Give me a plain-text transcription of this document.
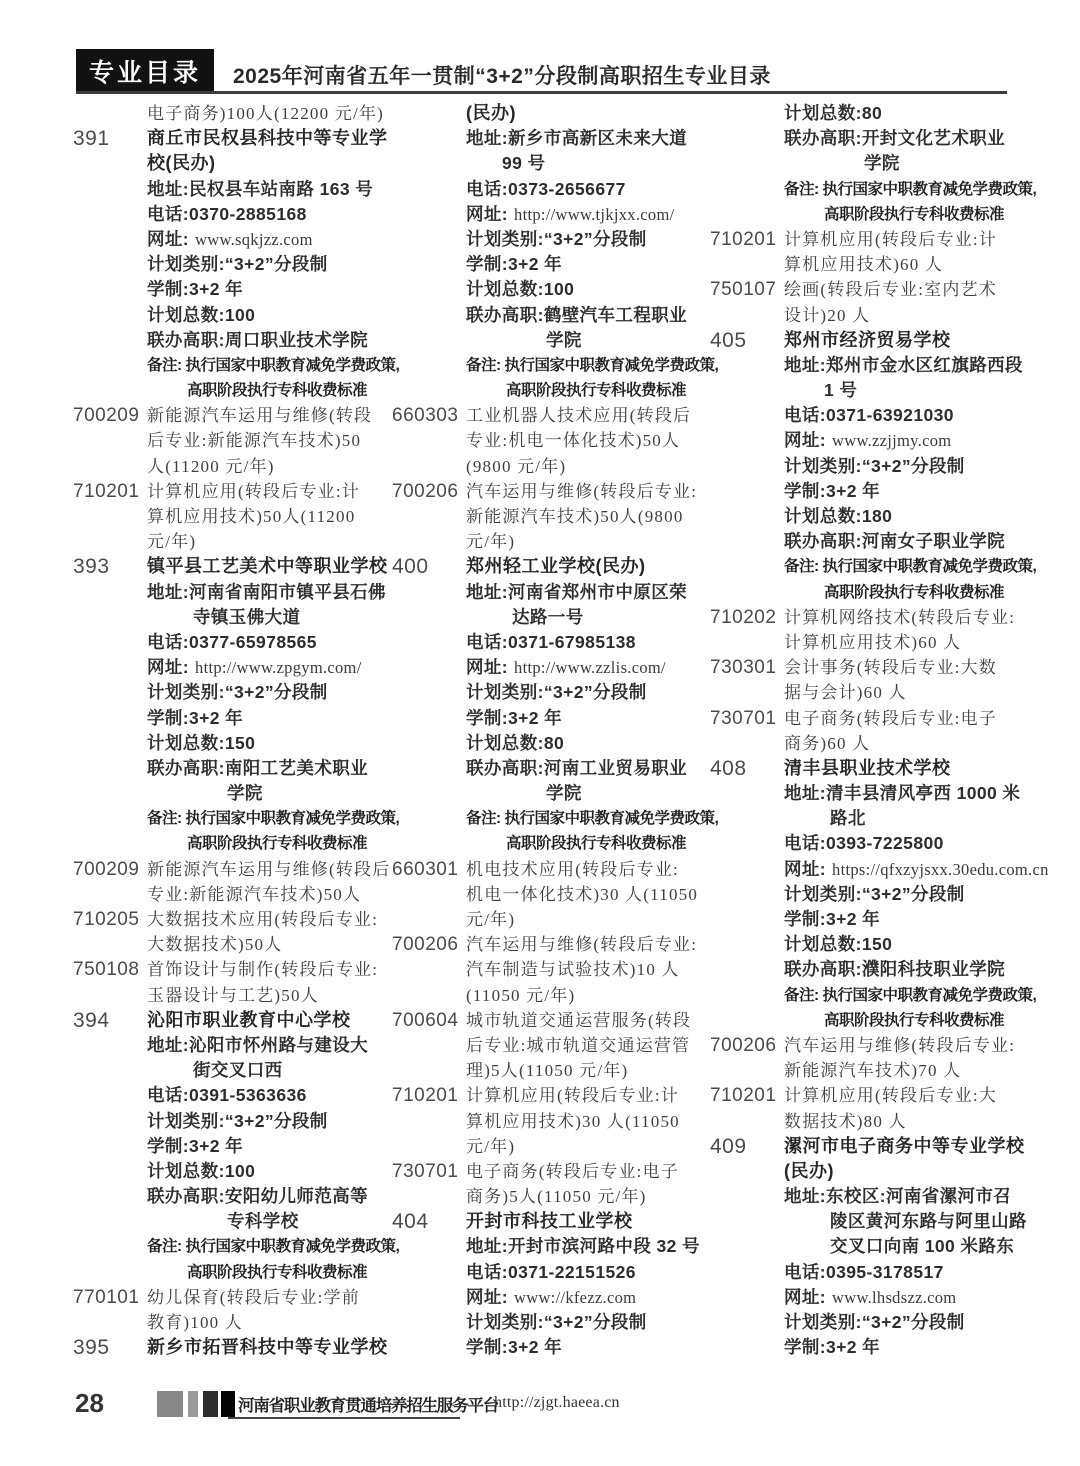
专业目录	2025年河南省五年一贯制“3+2”分段制高职招生专业目录
电子商务)100人(12200 元/年)
391	商丘市民权县科技中等专业学
校(民办)
地址:民权县车站南路 163 号
电话:0370-2885168
网址: www.sqkjzz.com
计划类别:“3+2”分段制
学制:3+2 年
计划总数:100
联办高职:周口职业技术学院
备注: 执行国家中职教育减免学费政策,
高职阶段执行专科收费标准
700209 新能源汽车运用与维修(转段
后专业:新能源汽车技术)50
人(11200 元/年)
710201 计算机应用(转段后专业:计
算机应用技术)50人(11200
元/年)
393	镇平县工艺美术中等职业学校
地址:河南省南阳市镇平县石佛
寺镇玉佛大道
电话:0377-65978565
网址: http://www.zpgym.com/
计划类别:“3+2”分段制
学制:3+2 年
计划总数:150
联办高职:南阳工艺美术职业
学院
备注: 执行国家中职教育减免学费政策,
高职阶段执行专科收费标准
700209 新能源汽车运用与维修(转段后
专业:新能源汽车技术)50人
710205 大数据技术应用(转段后专业:
大数据技术)50人
750108 首饰设计与制作(转段后专业:
玉器设计与工艺)50人
394	沁阳市职业教育中心学校
地址:沁阳市怀州路与建设大
街交叉口西
电话:0391-5363636
计划类别:“3+2”分段制
学制:3+2 年
计划总数:100
联办高职:安阳幼儿师范高等
专科学校
备注: 执行国家中职教育减免学费政策,
高职阶段执行专科收费标准
770101 幼儿保育(转段后专业:学前
教育)100 人
395	新乡市拓晋科技中等专业学校
(民办)
地址:新乡市高新区未来大道
99 号
电话:0373-2656677
网址: http://www.tjkjxx.com/
计划类别:“3+2”分段制
学制:3+2 年
计划总数:100
联办高职:鹤壁汽车工程职业
学院
备注: 执行国家中职教育减免学费政策,
高职阶段执行专科收费标准
660303 工业机器人技术应用(转段后
专业:机电一体化技术)50人
(9800 元/年)
700206 汽车运用与维修(转段后专业:
新能源汽车技术)50人(9800
元/年)
400	郑州轻工业学校(民办)
地址:河南省郑州市中原区荣
达路一号
电话:0371-67985138
网址: http://www.zzlis.com/
计划类别:“3+2”分段制
学制:3+2 年
计划总数:80
联办高职:河南工业贸易职业
学院
备注: 执行国家中职教育减免学费政策,
高职阶段执行专科收费标准
660301 机电技术应用(转段后专业:
机电一体化技术)30 人(11050
元/年)
700206 汽车运用与维修(转段后专业:
汽车制造与试验技术)10 人
(11050 元/年)
700604 城市轨道交通运营服务(转段
后专业:城市轨道交通运营管
理)5人(11050 元/年)
710201 计算机应用(转段后专业:计
算机应用技术)30 人(11050
元/年)
730701 电子商务(转段后专业:电子
商务)5人(11050 元/年)
404	开封市科技工业学校
地址:开封市滨河路中段 32 号
电话:0371-22151526
网址: www://kfezz.com
计划类别:“3+2”分段制
学制:3+2 年
计划总数:80
联办高职:开封文化艺术职业
学院
备注: 执行国家中职教育减免学费政策,
高职阶段执行专科收费标准
710201 计算机应用(转段后专业:计
算机应用技术)60 人
750107 绘画(转段后专业:室内艺术
设计)20 人
405	郑州市经济贸易学校
地址:郑州市金水区红旗路西段
1 号
电话:0371-63921030
网址: www.zzjjmy.com
计划类别:“3+2”分段制
学制:3+2 年
计划总数:180
联办高职:河南女子职业学院
备注: 执行国家中职教育减免学费政策,
高职阶段执行专科收费标准
710202 计算机网络技术(转段后专业:
计算机应用技术)60 人
730301 会计事务(转段后专业:大数
据与会计)60 人
730701 电子商务(转段后专业:电子
商务)60 人
408	清丰县职业技术学校
地址:清丰县清风亭西 1000 米
路北
电话:0393-7225800
网址: https://qfxzyjsxx.30edu.com.cn
计划类别:“3+2”分段制
学制:3+2 年
计划总数:150
联办高职:濮阳科技职业学院
备注: 执行国家中职教育减免学费政策,
高职阶段执行专科收费标准
700206 汽车运用与维修(转段后专业:
新能源汽车技术)70 人
710201 计算机应用(转段后专业:大
数据技术)80 人
409	漯河市电子商务中等专业学校
(民办)
地址:东校区:河南省漯河市召
陵区黄河东路与阿里山路
交叉口向南 100 米路东
电话:0395-3178517
网址: www.lhsdszz.com
计划类别:“3+2”分段制
学制:3+2 年
28	河南省职业教育贯通培养招生服务平台
http://zjgt.haeea.cn
